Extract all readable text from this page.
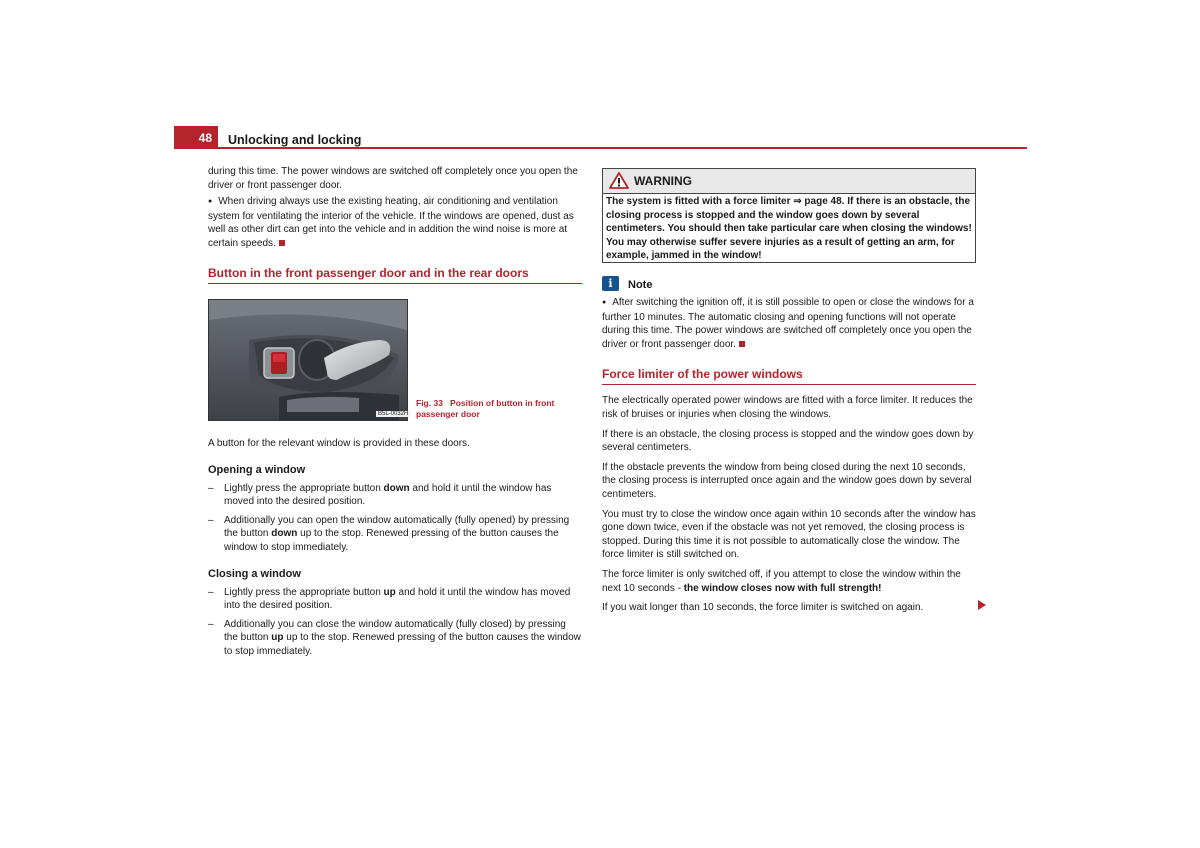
48 Unlocking and locking

during this time. The power windows are switched off completely once you open the driver or front passenger door.

● When driving always use the existing heating, air conditioning and ventilation system for ventilating the interior of the vehicle. If the windows are opened, dust as well as other dirt can get into the vehicle and in addition the wind noise is more at certain speeds.

Button in the front passenger door and in the rear doors
B5L-0032H
Fig. 33 Position of button in front passenger door

A button for the relevant window is provided in these doors.

Opening a window
–	Lightly press the appropriate button down and hold it until the window has moved into the desired position.
–	Additionally you can open the window automatically (fully opened) by pressing the button down up to the stop. Renewed pressing of the button causes the window to stop immediately.
Closing a window
–	Lightly press the appropriate button up and hold it until the window has moved into the desired position.
–	Additionally you can close the window automatically (fully closed) by pressing the button up up to the stop. Renewed pressing of the button causes the window to stop immediately.
WARNING
The system is fitted with a force limiter ⇒ page 48. If there is an obstacle, the closing process is stopped and the window goes down by several centimeters. You should then take particular care when closing the windows! You may otherwise suffer severe injuries as a result of getting an arm, for example, jammed in the window!
i	Note

● After switching the ignition off, it is still possible to open or close the windows for a further 10 minutes. The automatic closing and opening functions will not operate during this time. The power windows are switched off completely once you open the driver or front passenger door.

Force limiter of the power windows

The electrically operated power windows are fitted with a force limiter. It reduces the risk of bruises or injuries when closing the windows.

If there is an obstacle, the closing process is stopped and the window goes down by several centimeters.

If the obstacle prevents the window from being closed during the next 10 seconds, the closing process is interrupted once again and the window goes down by several centimeters.

You must try to close the window once again within 10 seconds after the window has gone down twice, even if the obstacle was not yet removed, the closing process is stopped. During this time it is not possible to automatically close the window. The force limiter is still switched on.

The force limiter is only switched off, if you attempt to close the window within the next 10 seconds - the window closes now with full strength!

If you wait longer than 10 seconds, the force limiter is switched on again.
